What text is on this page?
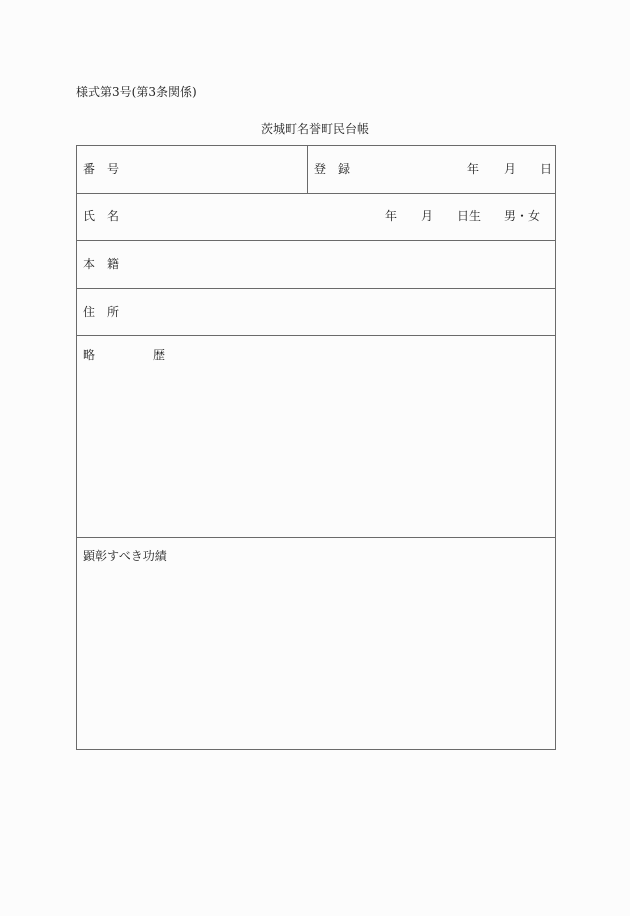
様式第3号(第3条関係)
茨城町名誉町民台帳
番 号	登 録	年 月 日
氏 名	年 月 日生 男・女
本 籍
住 所
略	歴
顕彰すべき功績
